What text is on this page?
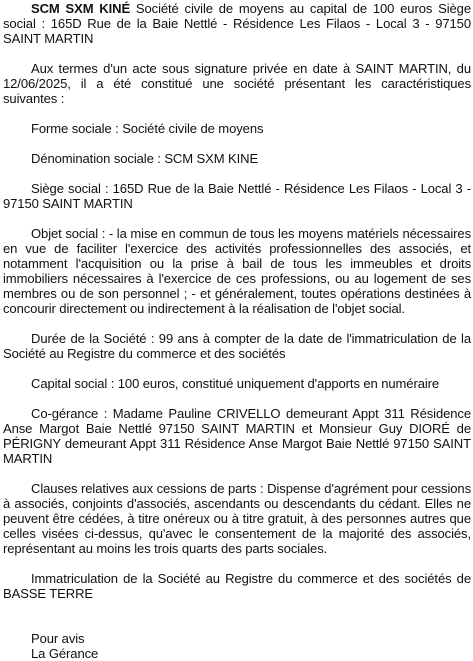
SCM SXM KINÉ Société civile de moyens au capital de 100 euros Siège social : 165D Rue de la Baie Nettlé - Résidence Les Filaos - Local 3 - 97150 SAINT MARTIN

Aux termes d'un acte sous signature privée en date à SAINT MARTIN, du 12/06/2025, il a été constitué une société présentant les caractéristiques suivantes :

Forme sociale : Société civile de moyens

Dénomination sociale : SCM SXM KINE

Siège social : 165D Rue de la Baie Nettlé - Résidence Les Filaos - Local 3 - 97150 SAINT MARTIN

Objet social : - la mise en commun de tous les moyens matériels nécessaires en vue de faciliter l'exercice des activités professionnelles des associés, et notamment l'acquisition ou la prise à bail de tous les immeubles et droits immobiliers nécessaires à l'exercice de ces professions, ou au logement de ses membres ou de son personnel ; - et généralement, toutes opérations destinées à concourir directement ou indirectement à la réalisation de l'objet social.

Durée de la Société : 99 ans à compter de la date de l'immatriculation de la Société au Registre du commerce et des sociétés

Capital social : 100 euros, constitué uniquement d'apports en numéraire

Co-gérance : Madame Pauline CRIVELLO demeurant Appt 311 Résidence Anse Margot Baie Nettlé 97150 SAINT MARTIN et Monsieur Guy DIORÉ de PÉRIGNY demeurant Appt 311 Résidence Anse Margot Baie Nettlé 97150 SAINT MARTIN

Clauses relatives aux cessions de parts : Dispense d'agrément pour cessions à associés, conjoints d'associés, ascendants ou descendants du cédant. Elles ne peuvent être cédées, à titre onéreux ou à titre gratuit, à des personnes autres que celles visées ci-dessus, qu'avec le consentement de la majorité des associés, représentant au moins les trois quarts des parts sociales.

Immatriculation de la Société au Registre du commerce et des sociétés de BASSE TERRE

Pour avis
La Gérance
